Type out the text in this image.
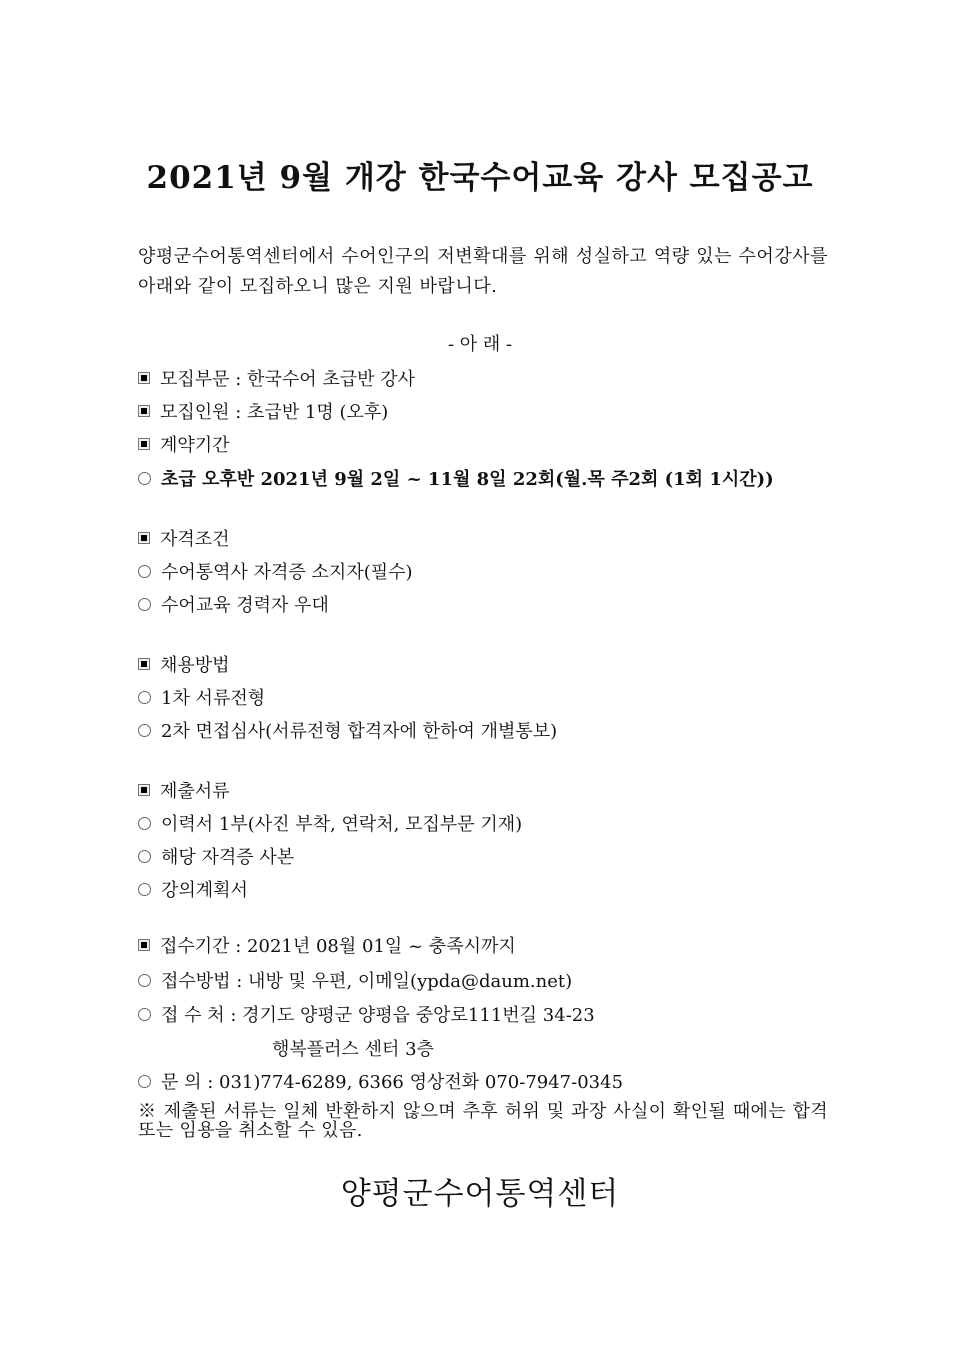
2021년 9월 개강 한국수어교육 강사 모집공고
양평군수어통역센터에서 수어인구의 저변확대를 위해 성실하고 역량 있는 수어강사를 아래와 같이 모집하오니 많은 지원 바랍니다.
- 아 래 -
모집부문 : 한국수어 초급반 강사
모집인원 : 초급반 1명 (오후)
계약기간
초급 오후반 2021년 9월 2일 ~ 11월 8일 22회(월.목 주2회 (1회 1시간))
자격조건
수어통역사 자격증 소지자(필수)
수어교육 경력자 우대
채용방법
1차 서류전형
2차 면접심사(서류전형 합격자에 한하여 개별통보)
제출서류
이력서 1부(사진 부착, 연락처, 모집부문 기재)
해당 자격증 사본
강의계획서
접수기간 : 2021년 08월 01일 ~ 충족시까지
접수방법 : 내방 및 우편, 이메일(ypda@daum.net)
접 수 처 : 경기도 양평군 양평읍 중앙로111번길 34-23
행복플러스 센터 3층
문 의 : 031)774-6289, 6366 영상전화 070-7947-0345
※ 제출된 서류는 일체 반환하지 않으며 추후 허위 및 과장 사실이 확인될 때에는 합격 또는 임용을 취소할 수 있음.
양평군수어통역센터
